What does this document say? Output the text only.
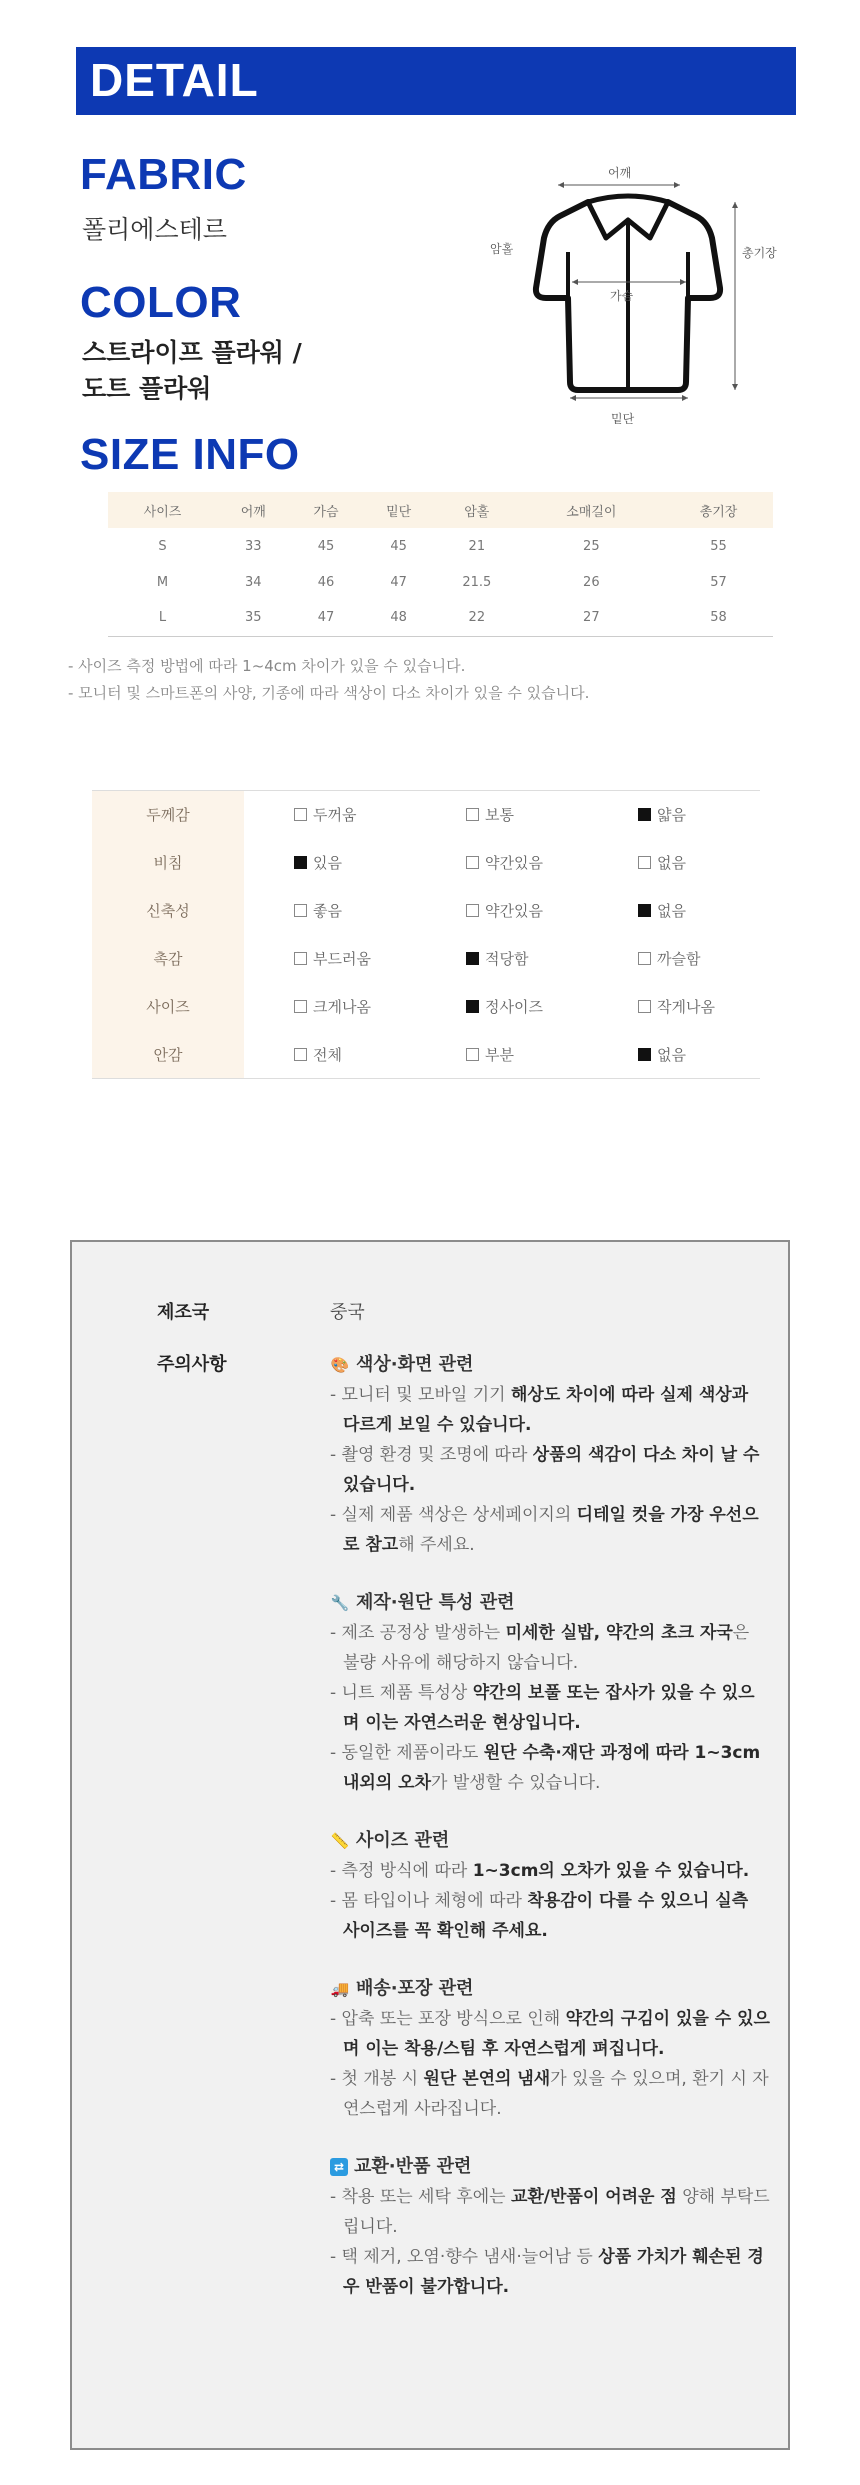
DETAIL
FABRIC
폴리에스테르
COLOR
스트라이프 플라워 /
도트 플라워
SIZE INFO
어깨
암홀
가슴
총기장
밑단
사이즈	어깨	가슴	밑단	암홀	소매길이	총기장
S	33	45	45	21	25	55
M	34	46	47	21.5	26	57
L	35	47	48	22	27	58
- 사이즈 측정 방법에 따라 1~4cm 차이가 있을 수 있습니다.
- 모니터 및 스마트폰의 사양, 기종에 따라 색상이 다소 차이가 있을 수 있습니다.
두께감	두꺼움	보통	얇음
비침	있음	약간있음	없음
신축성	좋음	약간있음	없음
촉감	부드러움	적당함	까슬함
사이즈	크게나옴	정사이즈	작게나옴
안감	전체	부분	없음
제조국	중국
주의사항	🎨 색상·화면 관련
- 모니터 및 모바일 기기 해상도 차이에 따라 실제 색상과 다르게 보일 수 있습니다.
- 촬영 환경 및 조명에 따라 상품의 색감이 다소 차이 날 수 있습니다.
- 실제 제품 색상은 상세페이지의 디테일 컷을 가장 우선으로 참고해 주세요.
🔧 제작·원단 특성 관련
- 제조 공정상 발생하는 미세한 실밥, 약간의 초크 자국은 불량 사유에 해당하지 않습니다.
- 니트 제품 특성상 약간의 보풀 또는 잡사가 있을 수 있으며 이는 자연스러운 현상입니다.
- 동일한 제품이라도 원단 수축·재단 과정에 따라 1~3cm 내외의 오차가 발생할 수 있습니다.
📏 사이즈 관련
- 측정 방식에 따라 1~3cm의 오차가 있을 수 있습니다.
- 몸 타입이나 체형에 따라 착용감이 다를 수 있으니 실측 사이즈를 꼭 확인해 주세요.
🚚 배송·포장 관련
- 압축 또는 포장 방식으로 인해 약간의 구김이 있을 수 있으며 이는 착용/스팀 후 자연스럽게 펴집니다.
- 첫 개봉 시 원단 본연의 냄새가 있을 수 있으며, 환기 시 자연스럽게 사라집니다.
⇄ 교환·반품 관련
- 착용 또는 세탁 후에는 교환/반품이 어려운 점 양해 부탁드립니다.
- 택 제거, 오염·향수 냄새·늘어남 등 상품 가치가 훼손된 경우 반품이 불가합니다.
